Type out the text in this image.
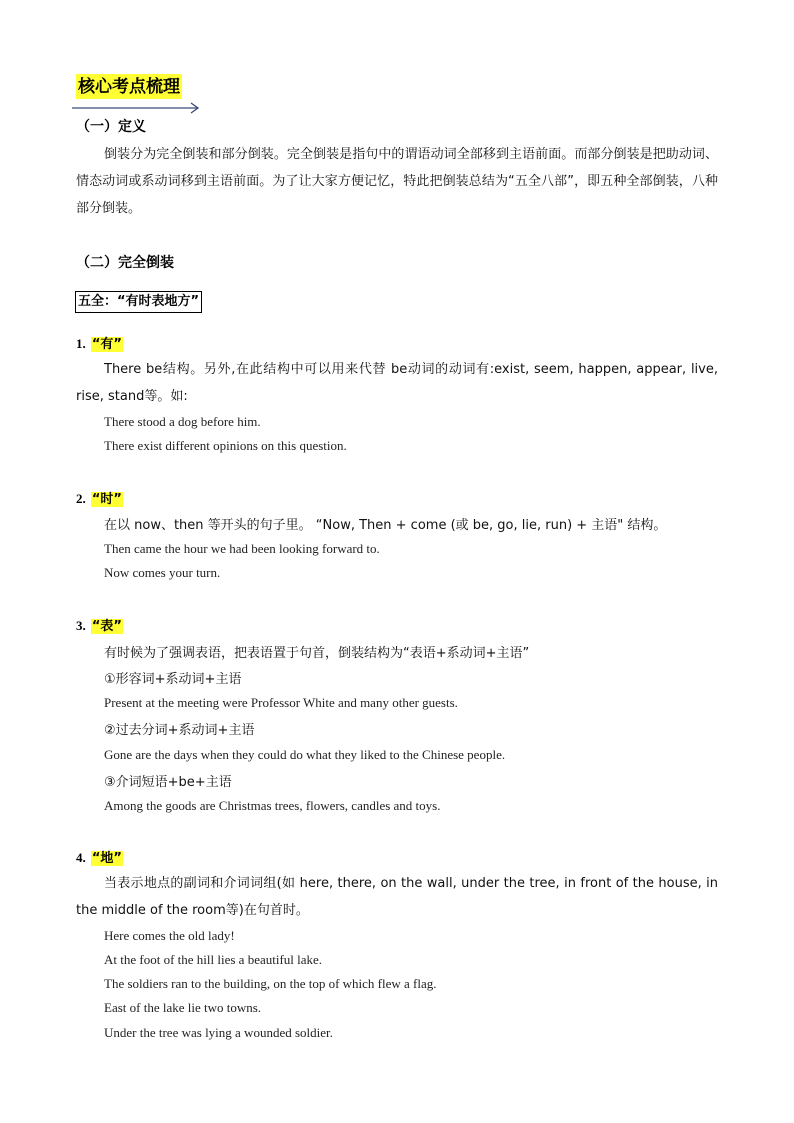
核心考点梳理
（一）定义
倒装分为完全倒装和部分倒装。完全倒装是指句中的谓语动词全部移到主语前面。而部分倒装是把助动词、情态动词或系动词移到主语前面。为了让大家方便记忆，特此把倒装总结为“五全八部”，即五种全部倒装，八种部分倒装。
（二）完全倒装
五全：“有时表地方”
1. “有”
There be结构。另外,在此结构中可以用来代替 be动词的动词有:exist, seem, happen, appear, live, rise, stand等。如:
There stood a dog before him.
There exist different opinions on this question.
2. “时”
在以 now、then 等开头的句子里。 “Now, Then + come (或 be, go, lie, run) + 主语" 结构。
Then came the hour we had been looking forward to.
Now comes your turn.
3. “表”
有时候为了强调表语，把表语置于句首，倒装结构为“表语+系动词+主语”
①形容词+系动词+主语
Present at the meeting were Professor White and many other guests.
②过去分词+系动词+主语
Gone are the days when they could do what they liked to the Chinese people.
③介词短语+be+主语
Among the goods are Christmas trees, flowers, candles and toys.
4. “地”
当表示地点的副词和介词词组(如 here, there, on the wall, under the tree, in front of the house, in the middle of the room等)在句首时。
Here comes the old lady!
At the foot of the hill lies a beautiful lake.
The soldiers ran to the building, on the top of which flew a flag.
East of the lake lie two towns.
Under the tree was lying a wounded soldier.
